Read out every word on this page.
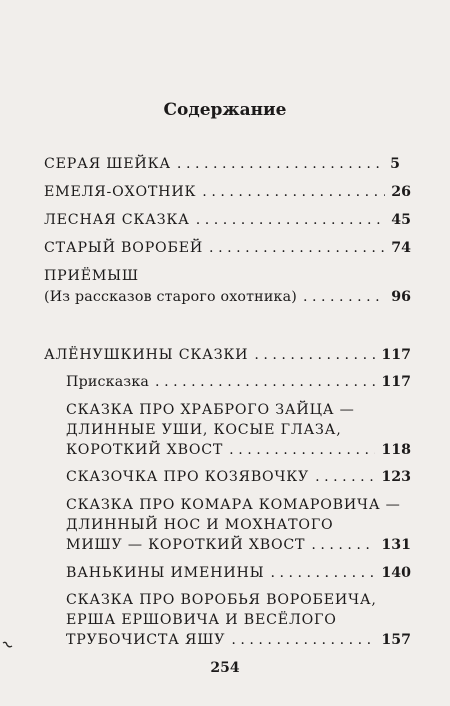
Содержание
СЕРАЯ ШЕЙКА . . .	5
ЕМЕЛЯ-ОХОТНИК . . .	26
ЛЕСНАЯ СКАЗКА . . .	45
СТАРЫЙ ВОРОБЕЙ . . .	74
ПРИЁМЫШ
(Из рассказов старого охотника) . . .	96
АЛЁНУШКИНЫ СКАЗКИ . . .	117
Присказка . . .	117
СКАЗКА ПРО ХРАБРОГО ЗАЙЦА —
ДЛИННЫЕ УШИ, КОСЫЕ ГЛАЗА,
КОРОТКИЙ ХВОСТ . . .	118
СКАЗОЧКА ПРО КОЗЯВОЧКУ . . .	123
СКАЗКА ПРО КОМАРА КОМАРОВИЧА —
ДЛИННЫЙ НОС И МОХНАТОГО
МИШУ — КОРОТКИЙ ХВОСТ . . .	131
ВАНЬКИНЫ ИМЕНИНЫ . . .	140
СКАЗКА ПРО ВОРОБЬЯ ВОРОБЕИЧА,
ЕРША ЕРШОВИЧА И ВЕСЁЛОГО
ТРУБОЧИСТА ЯШУ . . .	157
254
